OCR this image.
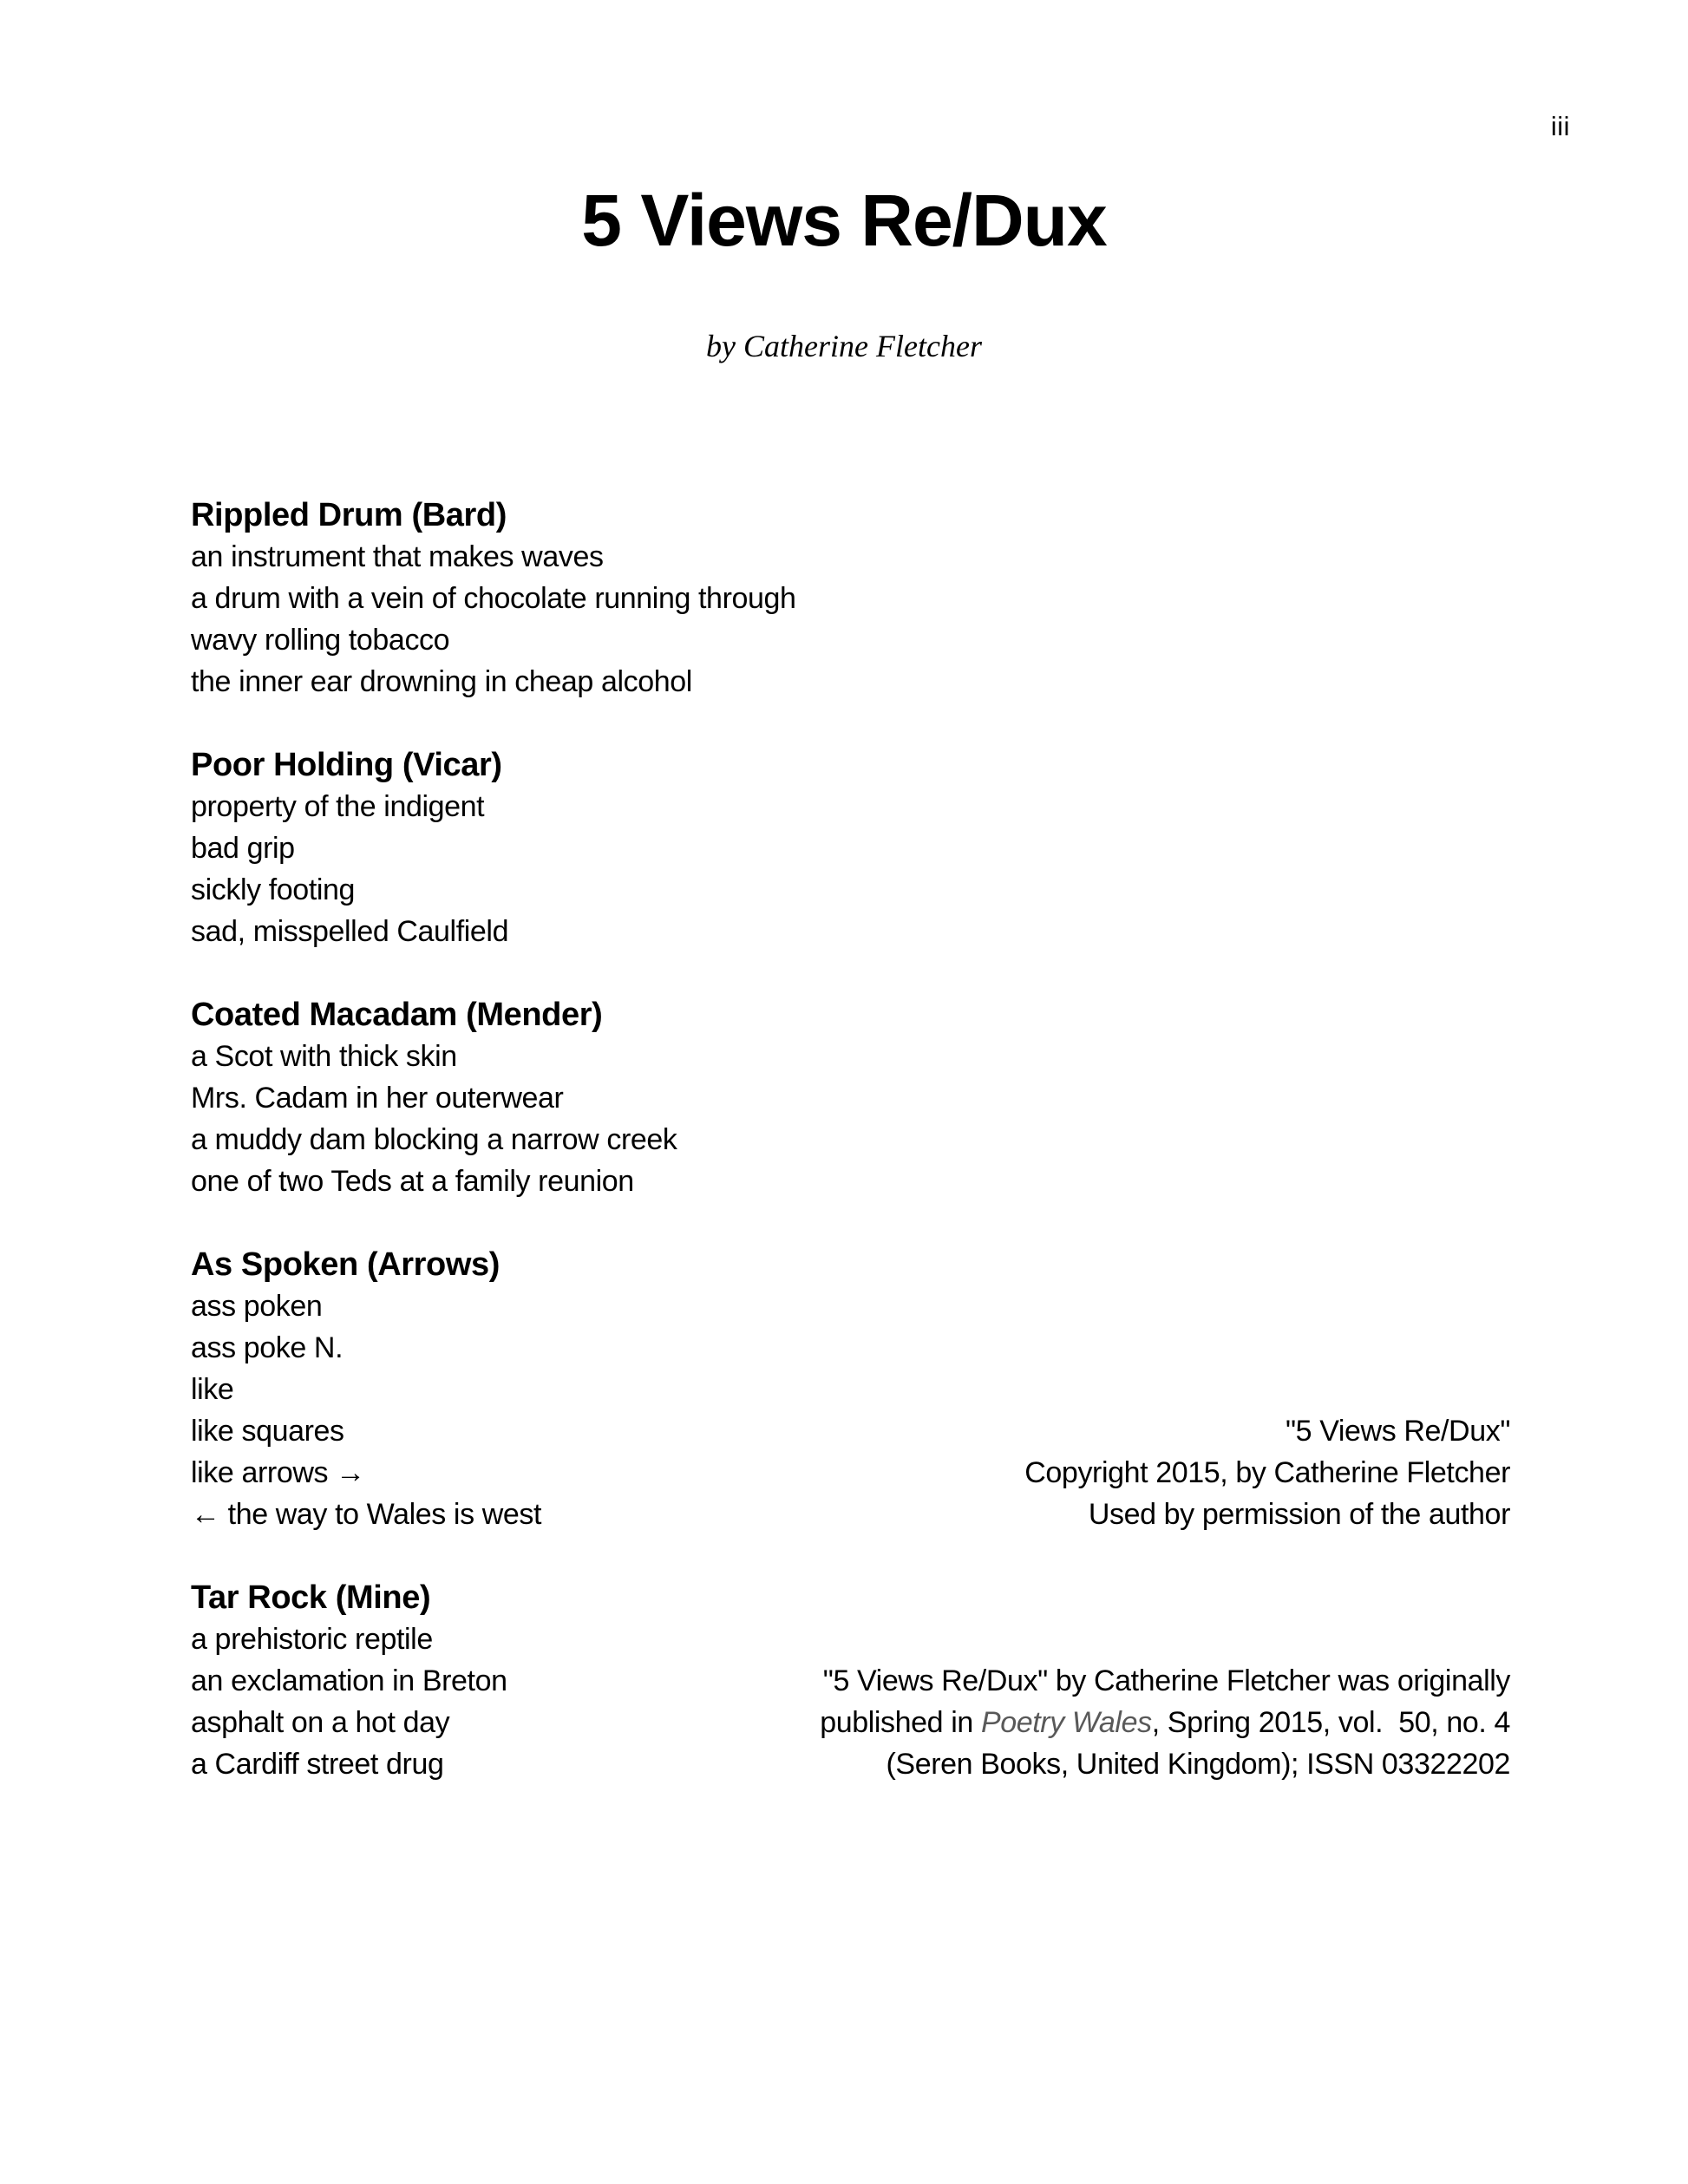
iii
5 Views Re/Dux
by Catherine Fletcher
Rippled Drum (Bard)

an instrument that makes waves

a drum with a vein of chocolate running through

wavy rolling tobacco

the inner ear drowning in cheap alcohol

Poor Holding (Vicar)

property of the indigent

bad grip

sickly footing

sad, misspelled Caulfield

Coated Macadam (Mender)

a Scot with thick skin

Mrs. Cadam in her outerwear

a muddy dam blocking a narrow creek

one of two Teds at a family reunion

As Spoken (Arrows)

ass poken

ass poke N.

like

like squares

like arrows →

← the way to Wales is west

Tar Rock (Mine)

a prehistoric reptile

an exclamation in Breton

asphalt on a hot day

a Cardiff street drug

"5 Views Re/Dux"

Copyright 2015, by Catherine Fletcher

Used by permission of the author

"5 Views Re/Dux" by Catherine Fletcher was originally

published in Poetry Wales, Spring 2015, vol.  50, no. 4

(Seren Books, United Kingdom); ISSN 03322202
